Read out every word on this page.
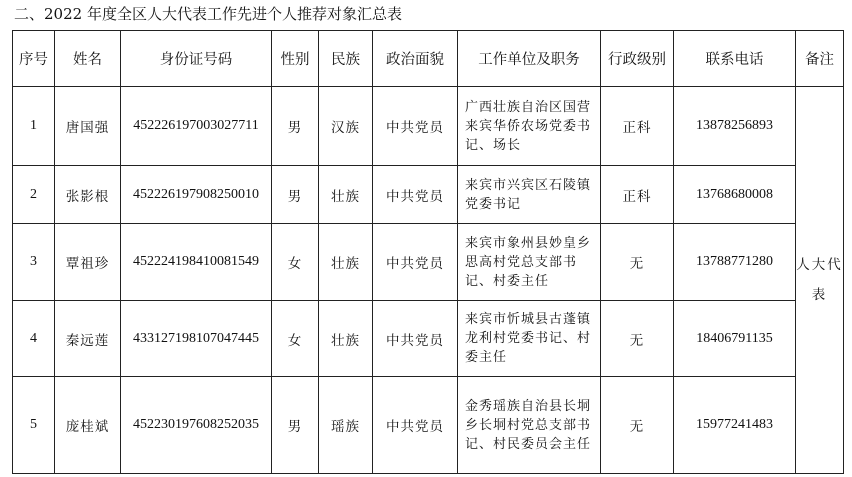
二、2022 年度全区人大代表工作先进个人推荐对象汇总表
序号	姓名	身份证号码	性别	民族	政治面貌	工作单位及职务	行政级别	联系电话	备注
1	唐国强	452226197003027711	男	汉族	中共党员	广西壮族自治区国营来宾华侨农场党委书记、场长	正科	13878256893	人大代表
2	张影根	452226197908250010	男	壮族	中共党员	来宾市兴宾区石陵镇党委书记	正科	13768680008	
3	覃祖珍	452224198410081549	女	壮族	中共党员	来宾市象州县妙皇乡思高村党总支部书记、村委主任	无	13788771280	
4	秦远莲	433127198107047445	女	壮族	中共党员	来宾市忻城县古蓬镇龙利村党委书记、村委主任	无	18406791135	
5	庞桂斌	452230197608252035	男	瑶族	中共党员	金秀瑶族自治县长垌乡长垌村党总支部书记、村民委员会主任	无	15977241483	
